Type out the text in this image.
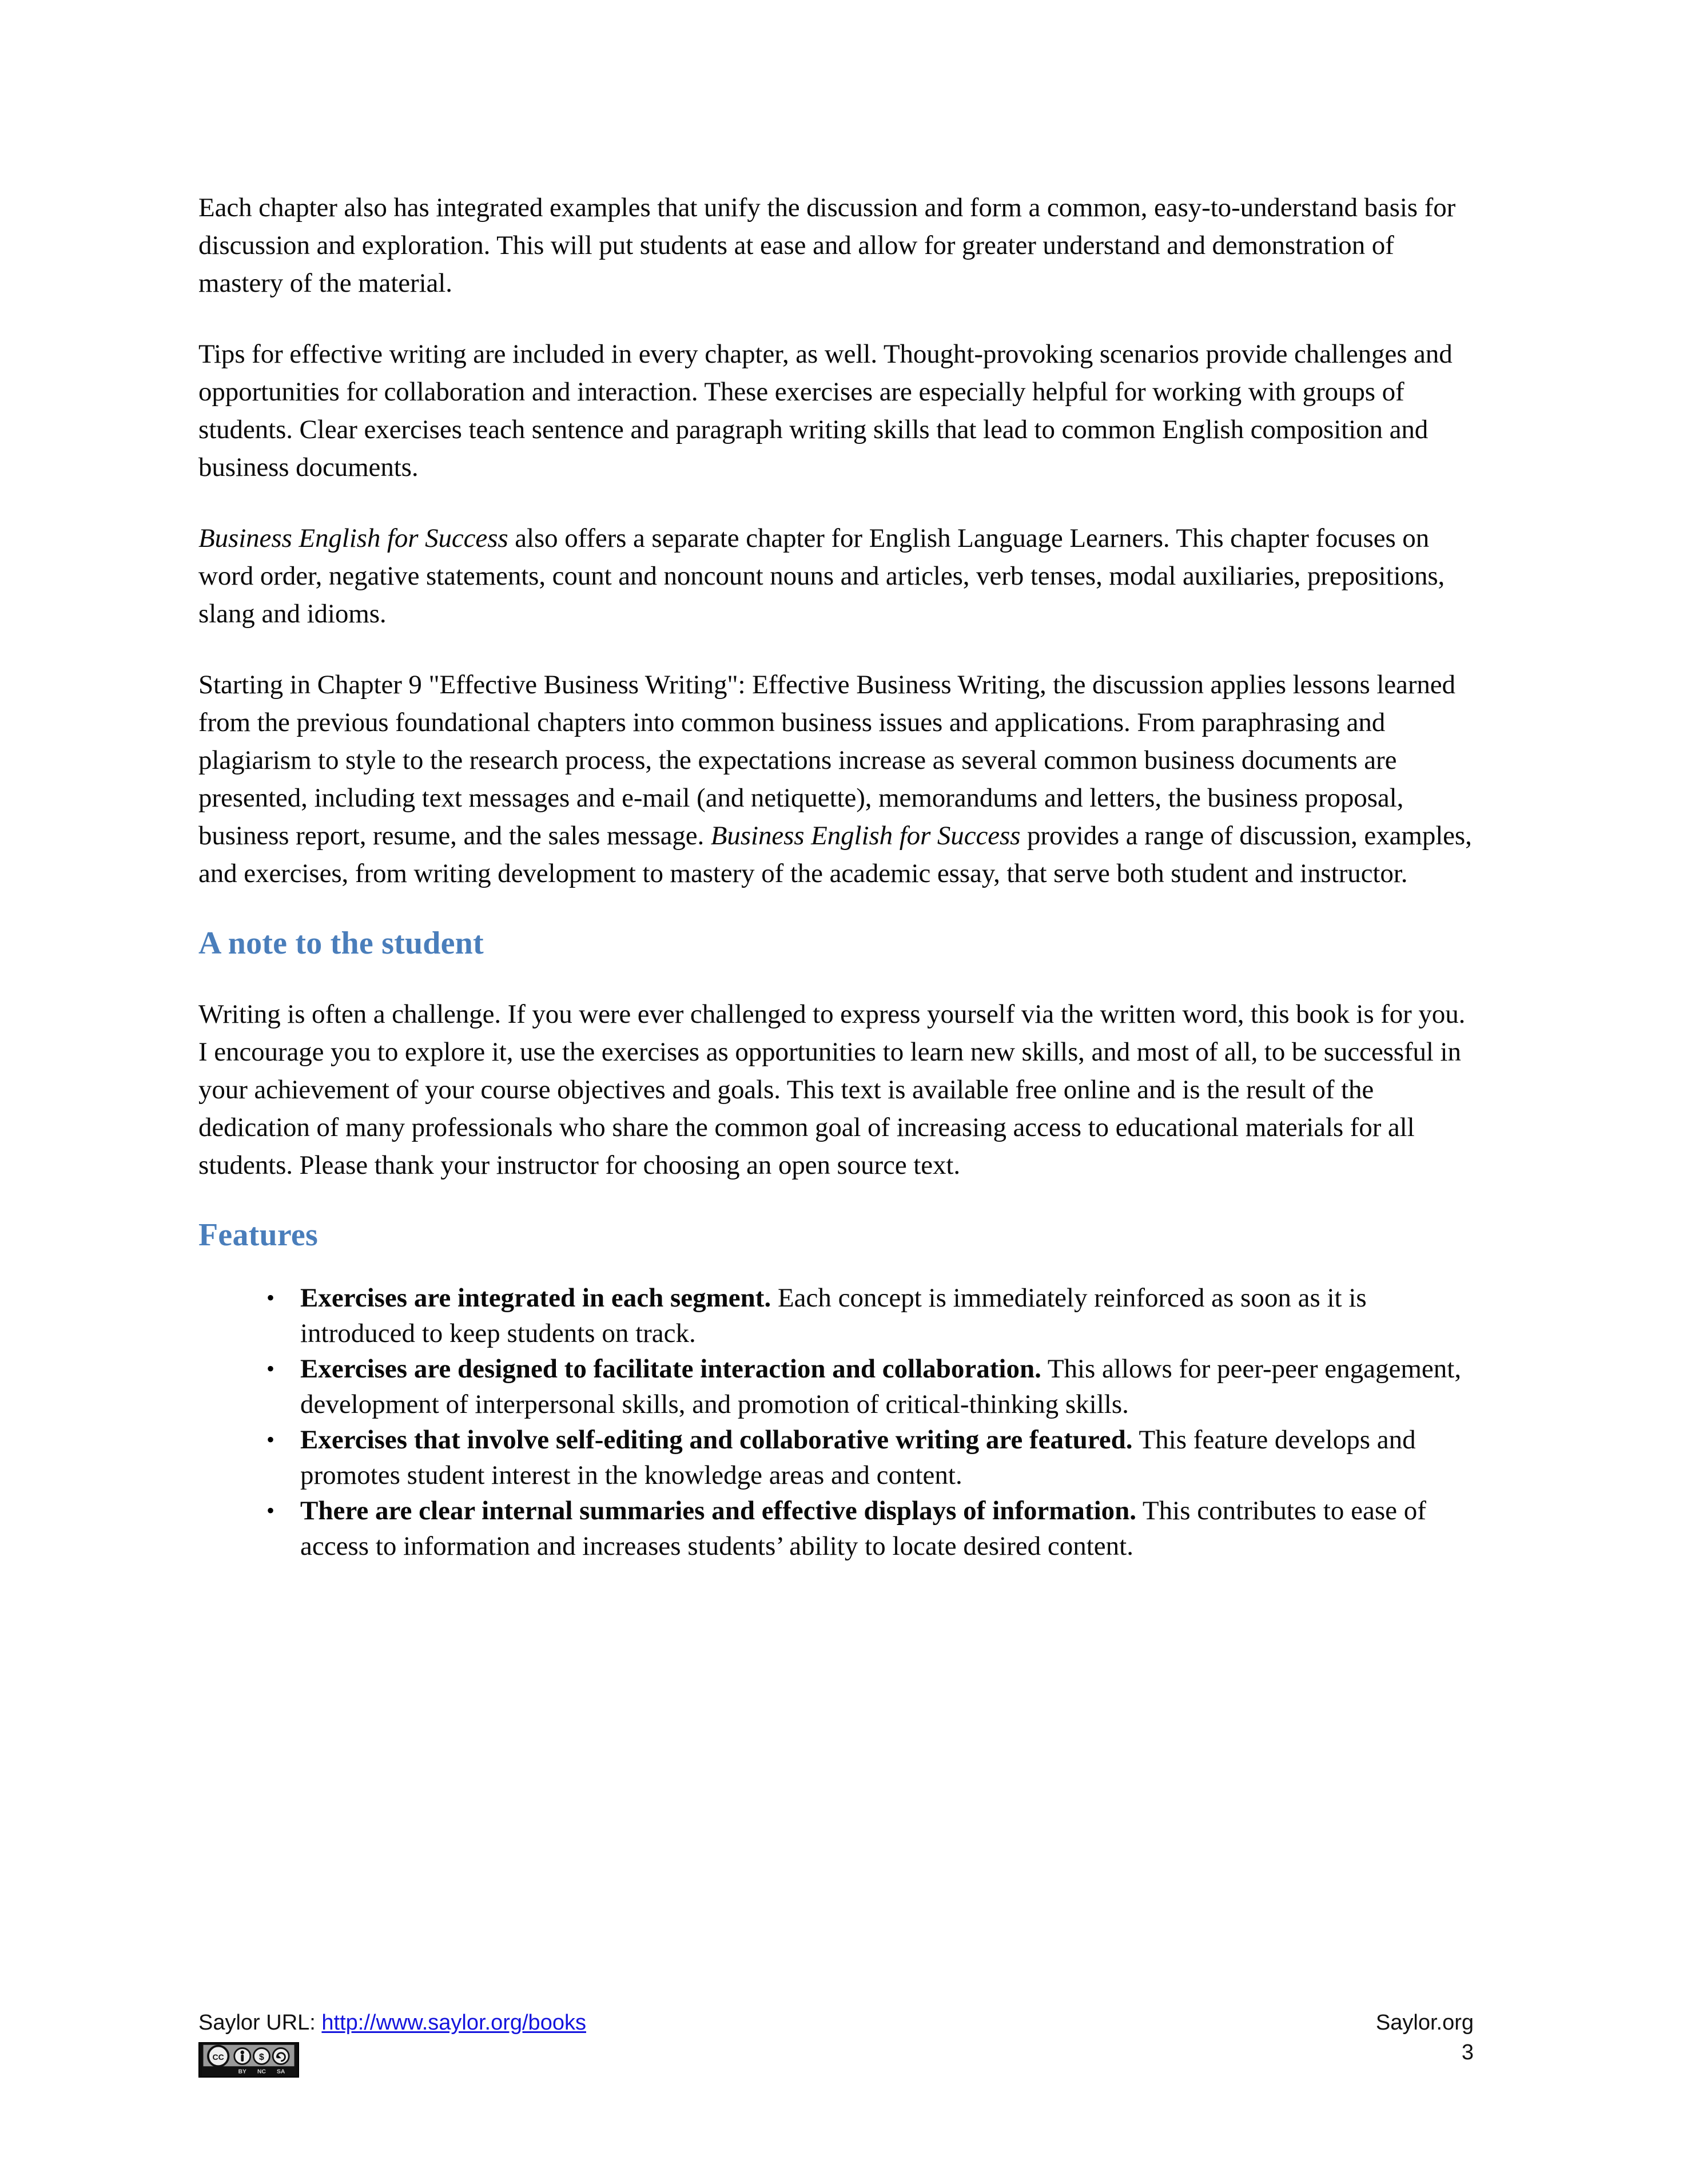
Each chapter also has integrated examples that unify the discussion and form a common, easy-to-understand basis for discussion and exploration. This will put students at ease and allow for greater understand and demonstration of mastery of the material.

Tips for effective writing are included in every chapter, as well. Thought-provoking scenarios provide challenges and opportunities for collaboration and interaction. These exercises are especially helpful for working with groups of students. Clear exercises teach sentence and paragraph writing skills that lead to common English composition and business documents.

Business English for Success also offers a separate chapter for English Language Learners. This chapter focuses on word order, negative statements, count and noncount nouns and articles, verb tenses, modal auxiliaries, prepositions, slang and idioms.

Starting in Chapter 9 "Effective Business Writing": Effective Business Writing, the discussion applies lessons learned from the previous foundational chapters into common business issues and applications. From paraphrasing and plagiarism to style to the research process, the expectations increase as several common business documents are presented, including text messages and e-mail (and netiquette), memorandums and letters, the business proposal, business report, resume, and the sales message. Business English for Success provides a range of discussion, examples, and exercises, from writing development to mastery of the academic essay, that serve both student and instructor.

A note to the student

Writing is often a challenge. If you were ever challenged to express yourself via the written word, this book is for you. I encourage you to explore it, use the exercises as opportunities to learn new skills, and most of all, to be successful in your achievement of your course objectives and goals. This text is available free online and is the result of the dedication of many professionals who share the common goal of increasing access to educational materials for all students. Please thank your instructor for choosing an open source text.

Features
• Exercises are integrated in each segment. Each concept is immediately reinforced as soon as it is introduced to keep students on track.
• Exercises are designed to facilitate interaction and collaboration. This allows for peer-peer engagement, development of interpersonal skills, and promotion of critical-thinking skills.
• Exercises that involve self-editing and collaborative writing are featured. This feature develops and promotes student interest in the knowledge areas and content.
• There are clear internal summaries and effective displays of information. This contributes to ease of access to information and increases students’ ability to locate desired content.
Saylor URL: http://www.saylor.org/books	Saylor.org
3
CC	$
BY NC SA
